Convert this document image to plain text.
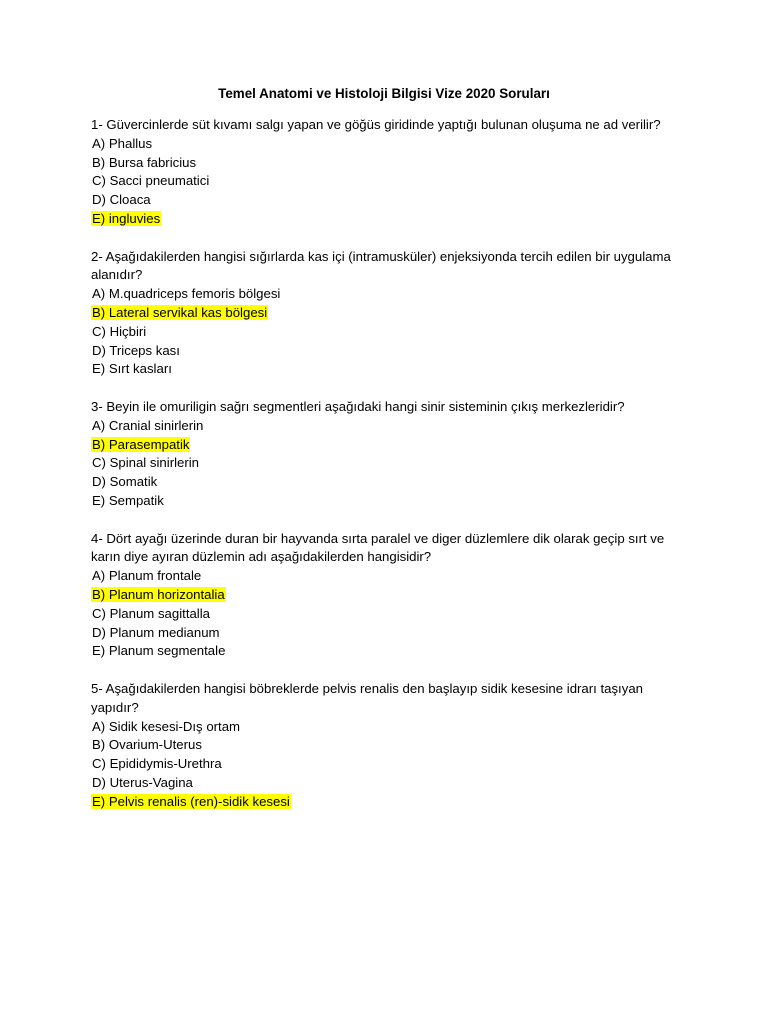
Temel Anatomi ve Histoloji Bilgisi Vize 2020 Soruları

1- Güvercinlerde süt kıvamı salgı yapan ve göğüs giridinde yaptığı bulunan oluşuma ne ad verilir?

A) Phallus
B) Bursa fabricius
C) Sacci pneumatici
D) Cloaca
E) ingluvies

2- Aşağıdakilerden hangisi sığırlarda kas içi (intramusküler) enjeksiyonda tercih edilen bir uygulama alanıdır?

A) M.quadriceps femoris bölgesi
B) Lateral servikal kas bölgesi
C) Hiçbiri
D) Triceps kası
E) Sırt kasları

3- Beyin ile omuriligin sağrı segmentleri aşağıdaki hangi sinir sisteminin çıkış merkezleridir?

A) Cranial sinirlerin
B) Parasempatik
C) Spinal sinirlerin
D) Somatik
E) Sempatik

4- Dört ayağı üzerinde duran bir hayvanda sırta paralel ve diger düzlemlere dik olarak geçip sırt ve karın diye ayıran düzlemin adı aşağıdakilerden hangisidir?

A) Planum frontale
B) Planum horizontalia
C) Planum sagittalla
D) Planum medianum
E) Planum segmentale

5- Aşağıdakilerden hangisi böbreklerde pelvis renalis den başlayıp sidik kesesine idrarı taşıyan yapıdır?

A) Sidik kesesi-Dış ortam
B) Ovarium-Uterus
C) Epididymis-Urethra
D) Uterus-Vagina
E) Pelvis renalis (ren)-sidik kesesi
